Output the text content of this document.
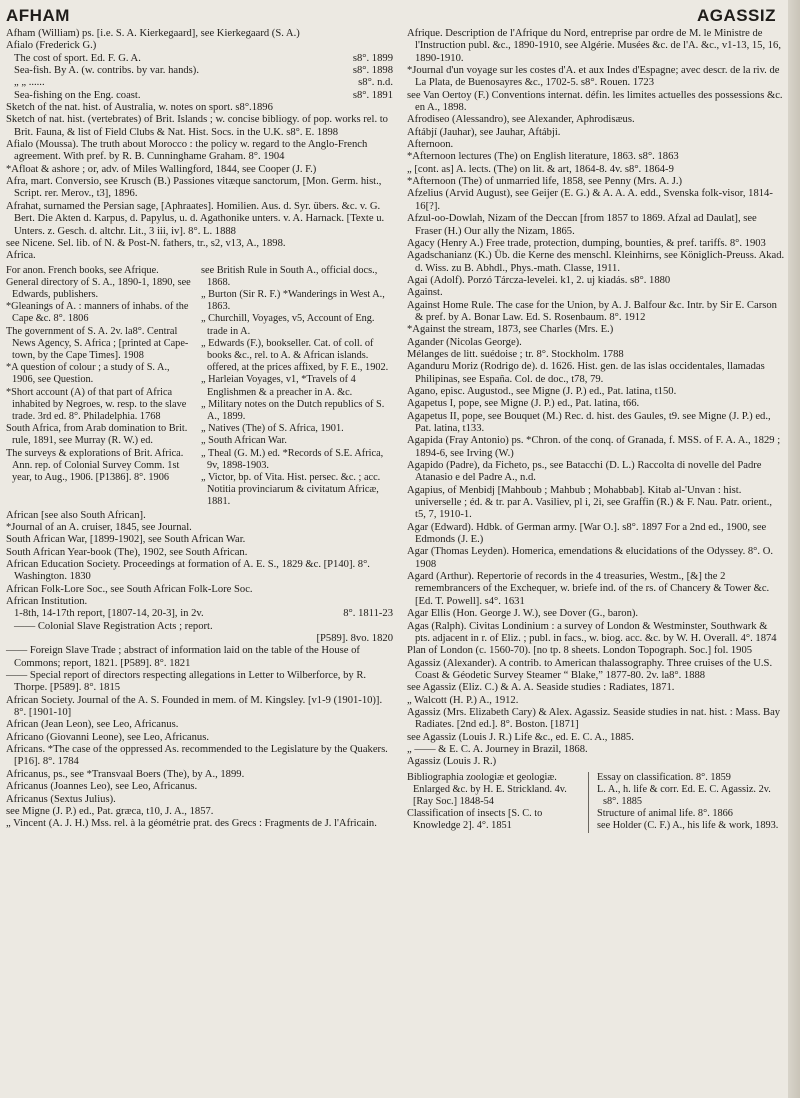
AFHAM	AGASSIZ
Afham (William) ps. [i.e. S. A. Kierkegaard], see Kierkegaard (S. A.)
Afialo (Frederick G.)
The cost of sport. Ed. F. G. A.	s8°. 1899
Sea-fish. By A. (w. contribs. by var. hands).	s8°. 1898
„ „ ......	s8°. n.d.
Sea-fishing on the Eng. coast.	s8°. 1891
Sketch of the nat. hist. of Australia, w. notes on sport. s8°.1896
Sketch of nat. hist. (vertebrates) of Brit. Islands ; w. concise bibliogy. of pop. works rel. to Brit. Fauna, & list of Field Clubs & Nat. Hist. Socs. in the U.K. s8°. E. 1898
Afialo (Moussa). The truth about Morocco : the policy w. regard to the Anglo-French agreement. With pref. by R. B. Cunninghame Graham. 8°. 1904
*Afloat & ashore ; or, adv. of Miles Wallingford, 1844, see Cooper (J. F.)
Afra, mart. Conversio, see Krusch (B.) Passiones vitæque sanctorum, [Mon. Germ. hist., Script. rer. Merov., t3], 1896.
Afrahat, surnamed the Persian sage, [Aphraates]. Homilien. Aus. d. Syr. übers. &c. v. G. Bert. Die Akten d. Karpus, d. Papylus, u. d. Agathonike unters. v. A. Harnack. [Texte u. Unters. z. Gesch. d. altchr. Lit., 3 iii, iv]. 8°. L. 1888
see Nicene. Sel. lib. of N. & Post-N. fathers, tr., s2, v13, A., 1898.
Africa.
For anon. French books, see Afrique.
General directory of S. A., 1890-1, 1890, see Edwards, publishers.
*Gleanings of A. : manners of inhabs. of the Cape &c. 8°. 1806
The government of S. A. 2v. la8°. Central News Agency, S. Africa ; [printed at Cape-town, by the Cape Times]. 1908
*A question of colour ; a study of S. A., 1906, see Question.
*Short account (A) of that part of Africa inhabited by Negroes, w. resp. to the slave trade. 3rd ed. 8°. Philadelphia. 1768
South Africa, from Arab domination to Brit. rule, 1891, see Murray (R. W.) ed.
The surveys & explorations of Brit. Africa. Ann. rep. of Colonial Survey Comm. 1st year, to Aug., 1906. [P1386]. 8°. 1906
see British Rule in South A., official docs., 1868.
„ Burton (Sir R. F.) *Wanderings in West A., 1863.
„ Churchill, Voyages, v5, Account of Eng. trade in A.
„ Edwards (F.), bookseller. Cat. of coll. of books &c., rel. to A. & African islands. offered, at the prices affixed, by F. E., 1902.
„ Harleian Voyages, v1, *Travels of 4 Englishmen & a preacher in A. &c.
„ Military notes on the Dutch republics of S. A., 1899.
„ Natives (The) of S. Africa, 1901.
„ South African War.
„ Theal (G. M.) ed. *Records of S.E. Africa, 9v, 1898-1903.
„ Victor, bp. of Vita. Hist. persec. &c. ; acc. Notitia provinciarum & civitatum Africæ, 1881.
African [see also South African].
*Journal of an A. cruiser, 1845, see Journal.
South African War, [1899-1902], see South African War.
South African Year-book (The), 1902, see South African.
African Education Society. Proceedings at formation of A. E. S., 1829 &c. [P140]. 8°. Washington. 1830
African Folk-Lore Soc., see South African Folk-Lore Soc.
African Institution.
1-8th, 14-17th report, [1807-14, 20-3], in 2v.	8°. 1811-23
—— Colonial Slave Registration Acts ; report.
[P589]. 8vo. 1820
—— Foreign Slave Trade ; abstract of information laid on the table of the House of Commons; report, 1821. [P589]. 8°. 1821
—— Special report of directors respecting allegations in Letter to Wilberforce, by R. Thorpe. [P589]. 8°. 1815
African Society. Journal of the A. S. Founded in mem. of M. Kingsley. [v1-9 (1901-10)]. 8°. [1901-10]
African (Jean Leon), see Leo, Africanus.
Africano (Giovanni Leone), see Leo, Africanus.
Africans. *The case of the oppressed As. recommended to the Legislature by the Quakers. [P16]. 8°. 1784
Africanus, ps., see *Transvaal Boers (The), by A., 1899.
Africanus (Joannes Leo), see Leo, Africanus.
Africanus (Sextus Julius).
see Migne (J. P.) ed., Pat. græca, t10, J. A., 1857.
„ Vincent (A. J. H.) Mss. rel. à la géométrie prat. des Grecs : Fragments de J. l'Africain.
Afrique. Description de l'Afrique du Nord, entreprise par ordre de M. le Ministre de l'Instruction publ. &c., 1890-1910, see Algérie. Musées &c. de l'A. &c., v1-13, 15, 16, 1890-1910.
*Journal d'un voyage sur les costes d'A. et aux Indes d'Espagne; avec descr. de la riv. de La Plata, de Buenosayres &c., 1702-5. s8°. Rouen. 1723
see Van Oertoy (F.) Conventions internat. défin. les limites actuelles des possessions &c. en A., 1898.
Afrodiseo (Alessandro), see Alexander, Aphrodisæus.
Aftábjí (Jauhar), see Jauhar, Aftábji.
Afternoon.
*Afternoon lectures (The) on English literature, 1863. s8°. 1863
„ [cont. as] A. lects. (The) on lit. & art, 1864-8. 4v. s8°. 1864-9
*Afternoon (The) of unmarried life, 1858, see Penny (Mrs. A. J.)
Afzelius (Arvid August), see Geijer (E. G.) & A. A. A. edd., Svenska folk-visor, 1814-16[?].
Afzul-oo-Dowlah, Nizam of the Deccan [from 1857 to 1869. Afzal ad Daulat], see Fraser (H.) Our ally the Nizam, 1865.
Agacy (Henry A.) Free trade, protection, dumping, bounties, & pref. tariffs. 8°. 1903
Agadschanianz (K.) Üb. die Kerne des menschl. Kleinhirns, see Königlich-Preuss. Akad. d. Wiss. zu B. Abhdl., Phys.-math. Classe, 1911.
Agai (Adolf). Porzó Tárcza-levelei. k1, 2. uj kiadás. s8°. 1880
Against.
Against Home Rule. The case for the Union, by A. J. Balfour &c. Intr. by Sir E. Carson & pref. by A. Bonar Law. Ed. S. Rosenbaum. 8°. 1912
*Against the stream, 1873, see Charles (Mrs. E.)
Agander (Nicolas George).
Mélanges de litt. suédoise ; tr. 8°. Stockholm. 1788
Aganduru Moriz (Rodrigo de). d. 1626. Hist. gen. de las islas occidentales, llamadas Philipinas, see España. Col. de doc., t78, 79.
Agano, episc. Augustod., see Migne (J. P.) ed., Pat. latina, t150.
Agapetus I, pope, see Migne (J. P.) ed., Pat. latina, t66.
Agapetus II, pope, see Bouquet (M.) Rec. d. hist. des Gaules, t9. see Migne (J. P.) ed., Pat. latina, t133.
Agapida (Fray Antonio) ps. *Chron. of the conq. of Granada, f. MSS. of F. A. A., 1829 ; 1894-6, see Irving (W.)
Agapido (Padre), da Ficheto, ps., see Batacchi (D. L.) Raccolta di novelle del Padre Atanasio e del Padre A., n.d.
Agapius, of Menbidj [Mahboub ; Mahbub ; Mohabbab]. Kitab al-'Unvan : hist. universelle ; éd. & tr. par A. Vasiliev, pl i, 2i, see Graffin (R.) & F. Nau. Patr. orient., t5, 7, 1910-1.
Agar (Edward). Hdbk. of German army. [War O.]. s8°. 1897 For a 2nd ed., 1900, see Edmonds (J. E.)
Agar (Thomas Leyden). Homerica, emendations & elucidations of the Odyssey. 8°. O. 1908
Agard (Arthur). Repertorie of records in the 4 treasuries, Westm., [&] the 2 remembrancers of the Exchequer, w. briefe ind. of the rs. of Chancery & Tower &c. [Ed. T. Powell]. s4°. 1631
Agar Ellis (Hon. George J. W.), see Dover (G., baron).
Agas (Ralph). Civitas Londinium : a survey of London & Westminster, Southwark & pts. adjacent in r. of Eliz. ; publ. in facs., w. biog. acc. &c. by W. H. Overall. 4°. 1874
Plan of London (c. 1560-70). [no tp. 8 sheets. London Topograph. Soc.] fol. 1905
Agassiz (Alexander). A contrib. to American thalassography. Three cruises of the U.S. Coast & Géodetic Survey Steamer “ Blake,” 1877-80. 2v. la8°. 1888
see Agassiz (Eliz. C.) & A. A. Seaside studies : Radiates, 1871.
„ Walcott (H. P.) A., 1912.
Agassiz (Mrs. Elizabeth Cary) & Alex. Agassiz. Seaside studies in nat. hist. : Mass. Bay Radiates. [2nd ed.]. 8°. Boston. [1871]
see Agassiz (Louis J. R.) Life &c., ed. E. C. A., 1885.
„ —— & E. C. A. Journey in Brazil, 1868.
Agassiz (Louis J. R.)
Bibliographia zoologiæ et geologiæ. Enlarged &c. by H. E. Strickland. 4v. [Ray Soc.] 1848-54
Classification of insects [S. C. to Knowledge 2]. 4°. 1851
Essay on classification. 8°. 1859
L. A., h. life & corr. Ed. E. C. Agassiz. 2v. s8°. 1885
Structure of animal life. 8°. 1866
see Holder (C. F.) A., his life & work, 1893.
